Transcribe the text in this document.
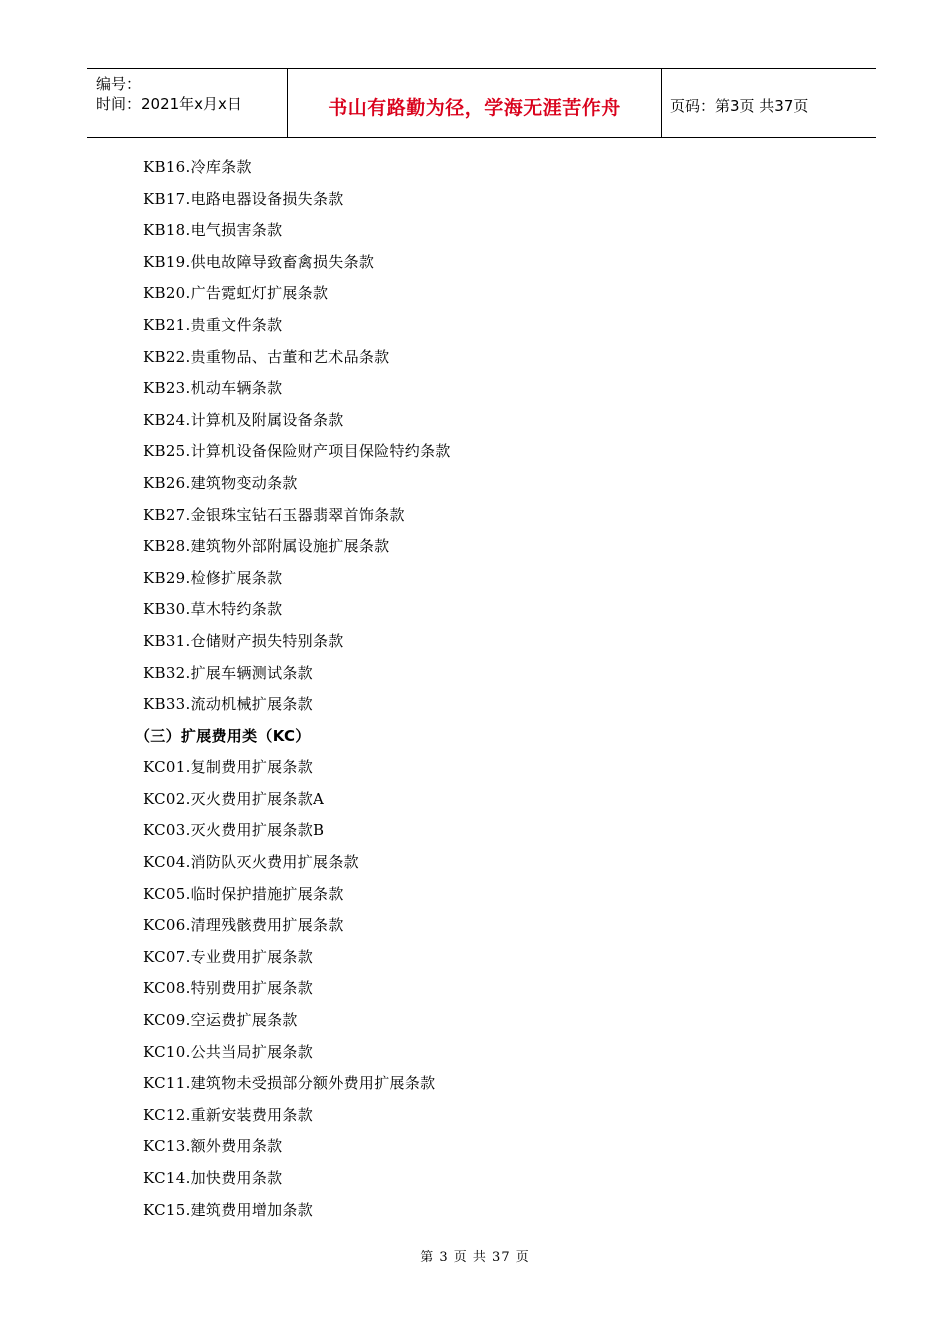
编号：
时间：2021年x月x日	书山有路勤为径，学海无涯苦作舟	页码：第3页 共37页
KB16.冷库条款
KB17.电路电器设备损失条款
KB18.电气损害条款
KB19.供电故障导致畜禽损失条款
KB20.广告霓虹灯扩展条款
KB21.贵重文件条款
KB22.贵重物品、古董和艺术品条款
KB23.机动车辆条款
KB24.计算机及附属设备条款
KB25.计算机设备保险财产项目保险特约条款
KB26.建筑物变动条款
KB27.金银珠宝钻石玉器翡翠首饰条款
KB28.建筑物外部附属设施扩展条款
KB29.检修扩展条款
KB30.草木特约条款
KB31.仓储财产损失特别条款
KB32.扩展车辆测试条款
KB33.流动机械扩展条款
（三）扩展费用类（KC）
KC01.复制费用扩展条款
KC02.灭火费用扩展条款A
KC03.灭火费用扩展条款B
KC04.消防队灭火费用扩展条款
KC05.临时保护措施扩展条款
KC06.清理残骸费用扩展条款
KC07.专业费用扩展条款
KC08.特别费用扩展条款
KC09.空运费扩展条款
KC10.公共当局扩展条款
KC11.建筑物未受损部分额外费用扩展条款
KC12.重新安装费用条款
KC13.额外费用条款
KC14.加快费用条款
KC15.建筑费用增加条款
第 3 页 共 37 页
